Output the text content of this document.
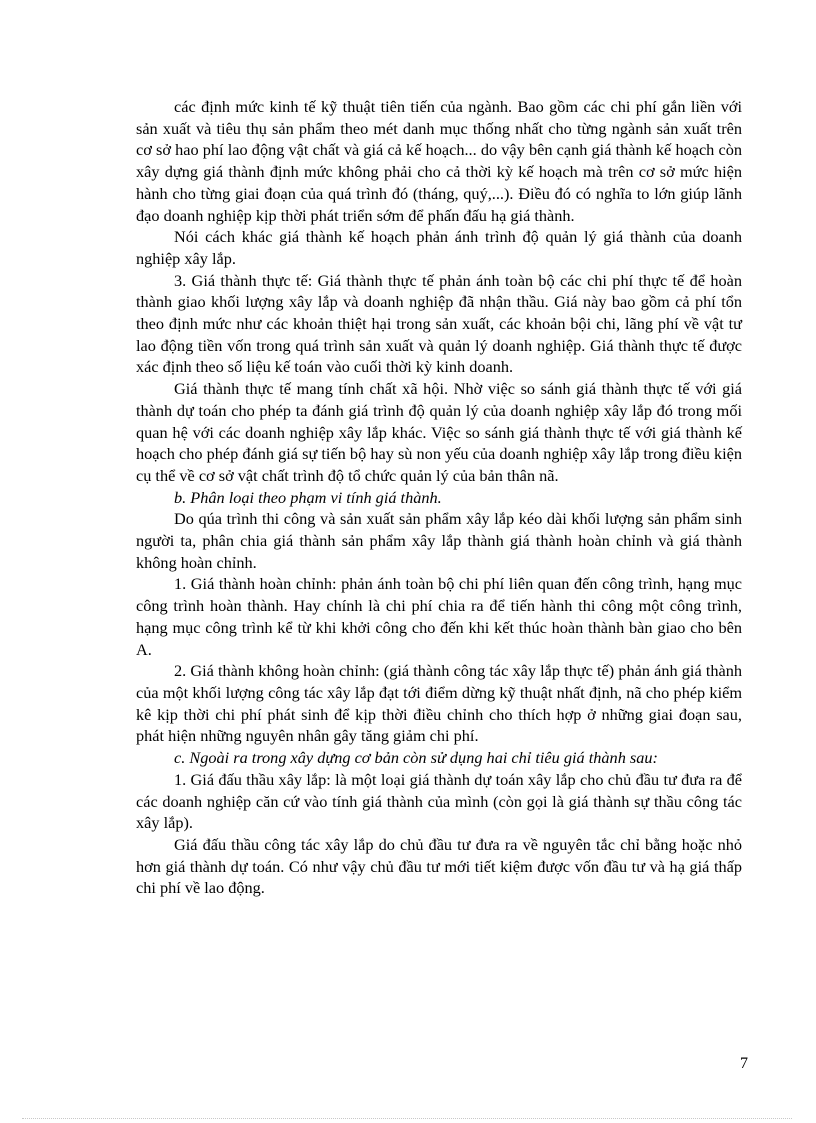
các định mức kinh tế kỹ thuật tiên tiến của ngành. Bao gồm các chi phí gắn liền với sản xuất và tiêu thụ sản phẩm theo mét danh mục thống nhất cho từng ngành sản xuất trên cơ sở hao phí lao động vật chất và giá cả kế hoạch... do vậy bên cạnh giá thành kế hoạch còn xây dựng giá thành định mức không phải cho cả thời kỳ kế hoạch mà trên cơ sở mức hiện hành cho từng giai đoạn của quá trình đó (tháng, quý,...). Điều đó có nghĩa to lớn giúp lãnh đạo doanh nghiệp kịp thời phát triển sớm để phấn đấu hạ giá thành.

Nói cách khác giá thành kế hoạch phản ánh trình độ quản lý giá thành của doanh nghiệp xây lắp.

3. Giá thành thực tế: Giá thành thực tế phản ánh toàn bộ các chi phí thực tế để hoàn thành giao khối lượng xây lắp và doanh nghiệp đã nhận thầu. Giá này bao gồm cả phí tổn theo định mức như các khoản thiệt hại trong sản xuất, các khoản bội chi, lãng phí về vật tư lao động tiền vốn trong quá trình sản xuất và quản lý doanh nghiệp. Giá thành thực tế được xác định theo số liệu kế toán vào cuối thời kỳ kinh doanh.

Giá thành thực tế mang tính chất xã hội. Nhờ việc so sánh giá thành thực tế với giá thành dự toán cho phép ta đánh giá trình độ quản lý của doanh nghiệp xây lắp đó trong mối quan hệ với các doanh nghiệp xây lắp khác. Việc so sánh giá thành thực tế với giá thành kế hoạch cho phép đánh giá sự tiến bộ hay sù non yếu của doanh nghiệp xây lắp trong điều kiện cụ thể về cơ sở vật chất trình độ tổ chức quản lý của bản thân nã.

b. Phân loại theo phạm vi tính giá thành.

Do qúa trình thi công và sản xuất sản phẩm xây lắp kéo dài khối lượng sản phẩm sinh người ta, phân chia giá thành sản phẩm xây lắp thành giá thành hoàn chỉnh và giá thành không hoàn chỉnh.

1. Giá thành hoàn chỉnh: phản ánh toàn bộ chi phí liên quan đến công trình, hạng mục công trình hoàn thành. Hay chính là chi phí chia ra để tiến hành thi công một công trình, hạng mục công trình kể từ khi khởi công cho đến khi kết thúc hoàn thành bàn giao cho bên A.

2. Giá thành không hoàn chỉnh: (giá thành công tác xây lắp thực tế) phản ánh giá thành của một khối lượng công tác xây lắp đạt tới điểm dừng kỹ thuật nhất định, nã cho phép kiểm kê kịp thời chi phí phát sinh để kịp thời điều chỉnh cho thích hợp ở những giai đoạn sau, phát hiện những nguyên nhân gây tăng giảm chi phí.

c. Ngoài ra trong xây dựng cơ bản còn sử dụng hai chỉ tiêu giá thành sau:

1. Giá đấu thầu xây lắp: là một loại giá thành dự toán xây lắp cho chủ đầu tư đưa ra để các doanh nghiệp căn cứ vào tính giá thành của mình (còn gọi là giá thành sự thầu công tác xây lắp).

Giá đấu thầu công tác xây lắp do chủ đầu tư đưa ra về nguyên tắc chỉ bằng hoặc nhỏ hơn giá thành dự toán. Có như vậy chủ đầu tư mới tiết kiệm được vốn đầu tư và hạ giá thấp chi phí về lao động.

7
